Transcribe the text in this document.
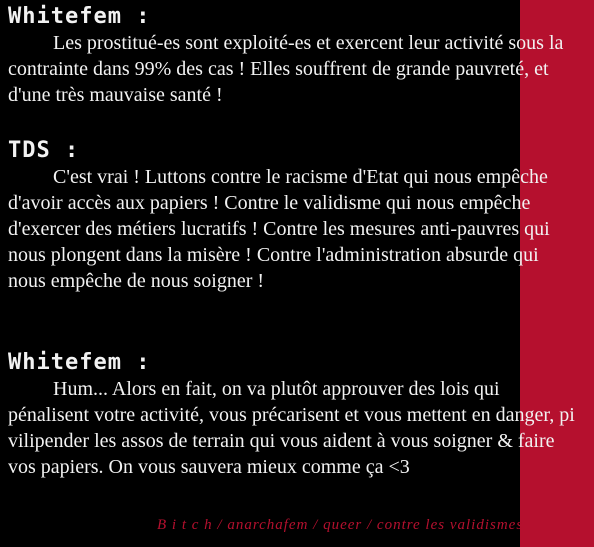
Whitefem :

Les prostitué-es sont exploité-es et exercent leur activité sous la contrainte dans 99% des cas ! Elles souffrent de grande pauvreté, et d'une très mauvaise santé !

TDS :

C'est vrai ! Luttons contre le racisme d'Etat qui nous empêche d'avoir accès aux papiers ! Contre le validisme qui nous empêche d'exercer des métiers lucratifs ! Contre les mesures anti-pauvres qui nous plongent dans la misère ! Contre l'administration absurde qui nous empêche de nous soigner !

Whitefem :

Hum... Alors en fait, on va plutôt approuver des lois qui pénalisent votre activité, vous précarisent et vous mettent en danger, pi vilipender les assos de terrain qui vous aident à vous soigner & faire vos papiers. On vous sauvera mieux comme ça <3

B i t c h / anarchafem / queer / contre les validismes
